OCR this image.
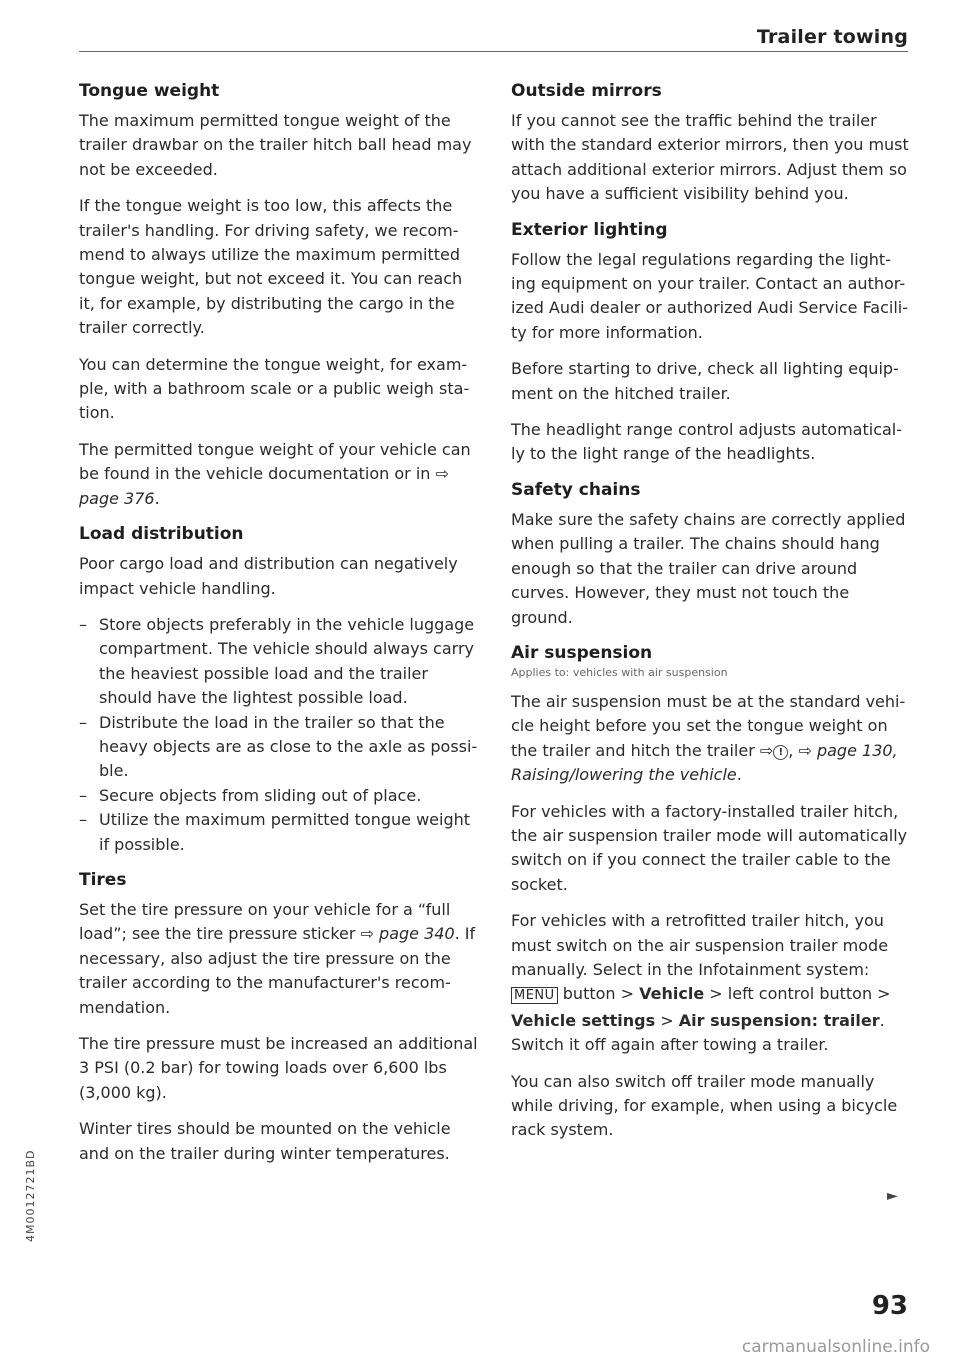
Trailer towing
Tongue weight

The maximum permitted tongue weight of the trailer drawbar on the trailer hitch ball head may not be exceeded.

If the tongue weight is too low, this affects the trailer's handling. For driving safety, we recom-mend to always utilize the maximum permitted tongue weight, but not exceed it. You can reach it, for example, by distributing the cargo in the trailer correctly.

You can determine the tongue weight, for exam-ple, with a bathroom scale or a public weigh sta-tion.

The permitted tongue weight of your vehicle can be found in the vehicle documentation or in ⇨ page 376.

Load distribution

Poor cargo load and distribution can negatively impact vehicle handling.

– Store objects preferably in the vehicle luggage compartment. The vehicle should always carry the heaviest possible load and the trailer should have the lightest possible load.
– Distribute the load in the trailer so that the heavy objects are as close to the axle as possi-ble.
– Secure objects from sliding out of place.
– Utilize the maximum permitted tongue weight if possible.
Tires

Set the tire pressure on your vehicle for a “full load”; see the tire pressure sticker ⇨ page 340. If necessary, also adjust the tire pressure on the trailer according to the manufacturer's recom-mendation.

The tire pressure must be increased an additional 3 PSI (0.2 bar) for towing loads over 6,600 lbs (3,000 kg).

Winter tires should be mounted on the vehicle and on the trailer during winter temperatures.

Outside mirrors

If you cannot see the traffic behind the trailer with the standard exterior mirrors, then you must attach additional exterior mirrors. Adjust them so you have a sufficient visibility behind you.

Exterior lighting

Follow the legal regulations regarding the light-ing equipment on your trailer. Contact an author-ized Audi dealer or authorized Audi Service Facili-ty for more information.

Before starting to drive, check all lighting equip-ment on the hitched trailer.

The headlight range control adjusts automatical-ly to the light range of the headlights.

Safety chains

Make sure the safety chains are correctly applied when pulling a trailer. The chains should hang enough so that the trailer can drive around curves. However, they must not touch the ground.

Air suspension
Applies to: vehicles with air suspension

The air suspension must be at the standard vehi-cle height before you set the tongue weight on the trailer and hitch the trailer ⇨ ! , ⇨ page 130, Raising/lowering the vehicle.

For vehicles with a factory-installed trailer hitch, the air suspension trailer mode will automatically switch on if you connect the trailer cable to the socket.

For vehicles with a retrofitted trailer hitch, you must switch on the air suspension trailer mode manually. Select in the Infotainment system: MENU button > Vehicle > left control button > Vehicle settings > Air suspension: trailer. Switch it off again after towing a trailer.

You can also switch off trailer mode manually while driving, for example, when using a bicycle rack system.

►
93
4M0012721BD
carmanualsonline.info
